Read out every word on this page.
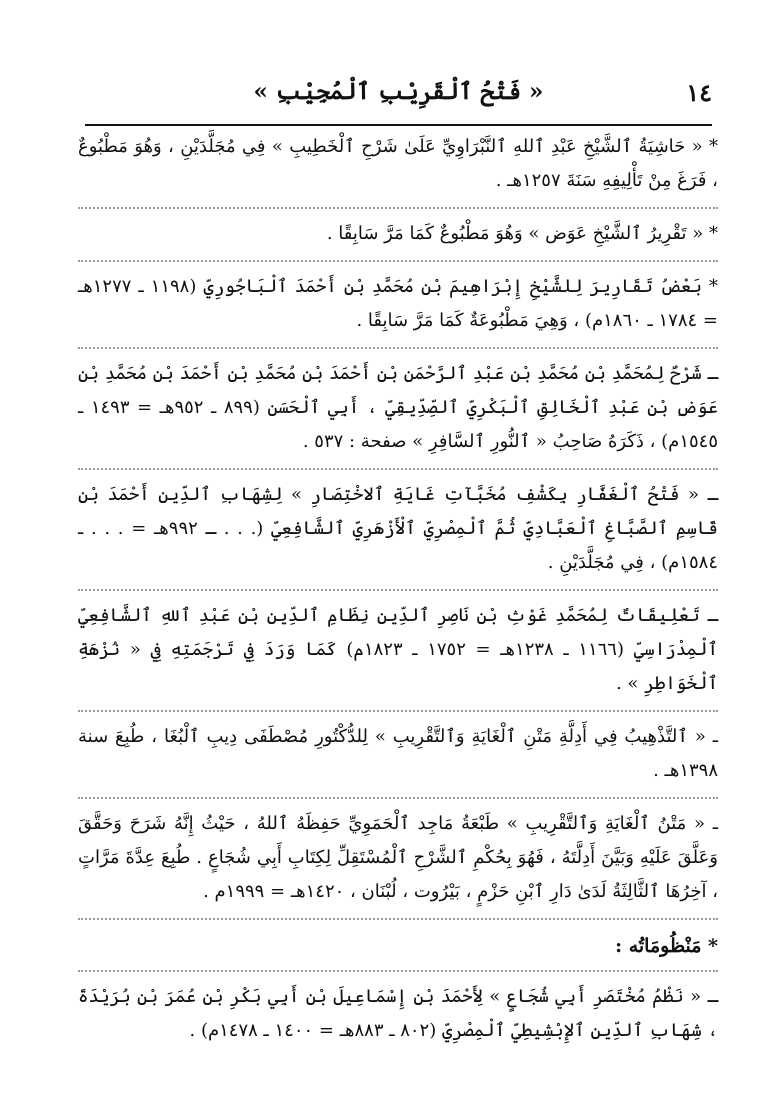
١٤
« فَتْحُ ٱلْقَرِيْبِ ٱلْمُجِيْبِ »

* « حَاشِيَةُ ٱلشَّيْخِ عَبْدِ ٱللهِ ٱلنَّبْرَاوِيِّ عَلَىٰ شَرْحِ ٱلْخَطِيبِ » فِي مُجَلَّدَيْنِ ، وَهُوَ مَطْبُوعٌ ، فَرَغَ مِنْ تَأْلِيفِهِ سَنَةَ ١٢٥٧هـ .

* « تَقْرِيرُ ٱلشَّيْخِ عَوَض » وَهُوَ مَطْبُوعٌ كَمَا مَرَّ سَابِقًا .

* بَعْضُ تَقَارِيرَ لِلشَّيْخِ إِبْرَاهِيمَ بْنِ مُحَمَّدِ بْنِ أَحْمَدَ ٱلْبَاجُورِيِّ (١١٩٨ ـ ١٢٧٧هـ = ١٧٨٤ ـ ١٨٦٠م) ، وَهِيَ مَطْبُوعَةٌ كَمَا مَرَّ سَابِقًا .

ـ شَرْحٌ لِمُحَمَّدِ بْنِ مُحَمَّدِ بْنِ عَبْدِ ٱلرَّحْمَنِ بْنِ أَحْمَدَ بْنِ مُحَمَّدِ بْنِ أَحْمَدَ بْنِ مُحَمَّدِ بْنِ عَوَضِ بْنِ عَبْدِ ٱلْخَالِقِ ٱلْبَكْرِيِّ ٱلصِّدِّيقِيِّ ، أَبِي ٱلْحَسَنِ (٨٩٩ ـ ٩٥٢هـ = ١٤٩٣ ـ ١٥٤٥م) ، ذَكَرَهُ صَاحِبُ « ٱلنُّورِ ٱلسَّافِرِ » صفحة : ٥٣٧ .

ـ « فَتْحُ ٱلْغَفَّارِ بِكَشْفِ مُخَبَّآتِ غَايَةِ ٱلاخْتِصَارِ » لِشِهَابِ ٱلدِّينِ أَحْمَدَ بْنِ قَاسِمِ ٱلصَّبَّاغِ ٱلْعَبَّادِيِّ ثُمَّ ٱلْمِصْرِيِّ ٱلْأَزْهَرِيِّ ٱلشَّافِعِيِّ (. . . ـ ٩٩٢هـ = . . . ـ ١٥٨٤م) ، فِي مُجَلَّدَيْنِ .

ـ تَعْلِيقَاتٌ لِمُحَمَّدِ غَوْثِ بْنِ نَاصِرِ ٱلدِّينِ نِظَامِ ٱلدِّينِ بْنِ عَبْدِ ٱللهِ ٱلشَّافِعِيِّ ٱلْمِدْرَاسِيِّ (١١٦٦ ـ ١٢٣٨هـ = ١٧٥٢ ـ ١٨٢٣م) كَمَا وَرَدَ فِي تَرْجَمَتِهِ فِي « نُزْهَةِ ٱلْخَوَاطِرِ » .

ـ « ٱلتَّذْهِيبُ فِي أَدِلَّةِ مَتْنِ ٱلْغَايَةِ وَٱلتَّقْرِيبِ » لِلدُّكْتُورِ مُصْطَفَى دِيبِ ٱلْبُغَا ، طُبِعَ سنة ١٣٩٨هـ .

ـ « مَتْنُ ٱلْغَايَةِ وَٱلتَّقْرِيبِ » طَبْعَةُ مَاجِد ٱلْحَمَوِيِّ حَفِظَهُ ٱللهُ ، حَيْثُ إِنَّهُ شَرَحَ وَحَقَّقَ وَعَلَّقَ عَلَيْهِ وَبَيَّنَ أَدِلَّتَهُ ، فَهُوَ بِحُكْمِ ٱلشَّرْحِ ٱلْمُسْتَقِلِّ لِكِتَابِ أَبِي شُجَاعٍ . طُبِعَ عِدَّةَ مَرَّاتٍ ، آخِرُهَا ٱلثَّالِثَةُ لَدَىٰ دَارِ ٱبْنِ حَزْمٍ ، بَيْرُوت ، لُبْنَان ، ١٤٢٠هـ = ١٩٩٩م .

* مَنْظُومَاتُه :

ـ « نَظْمُ مُخْتَصَرِ أَبِي شُجَاعٍ » لِأَحْمَدَ بْنِ إِسْمَاعِيلَ بْنِ أَبِي بَكْرِ بْنِ عُمَرَ بْنِ بُرَيْدَةَ ، شِهَابِ ٱلدِّينِ ٱلإِبْشِيطِيِّ ٱلْمِصْرِيِّ (٨٠٢ ـ ٨٨٣هـ = ١٤٠٠ ـ ١٤٧٨م) .
